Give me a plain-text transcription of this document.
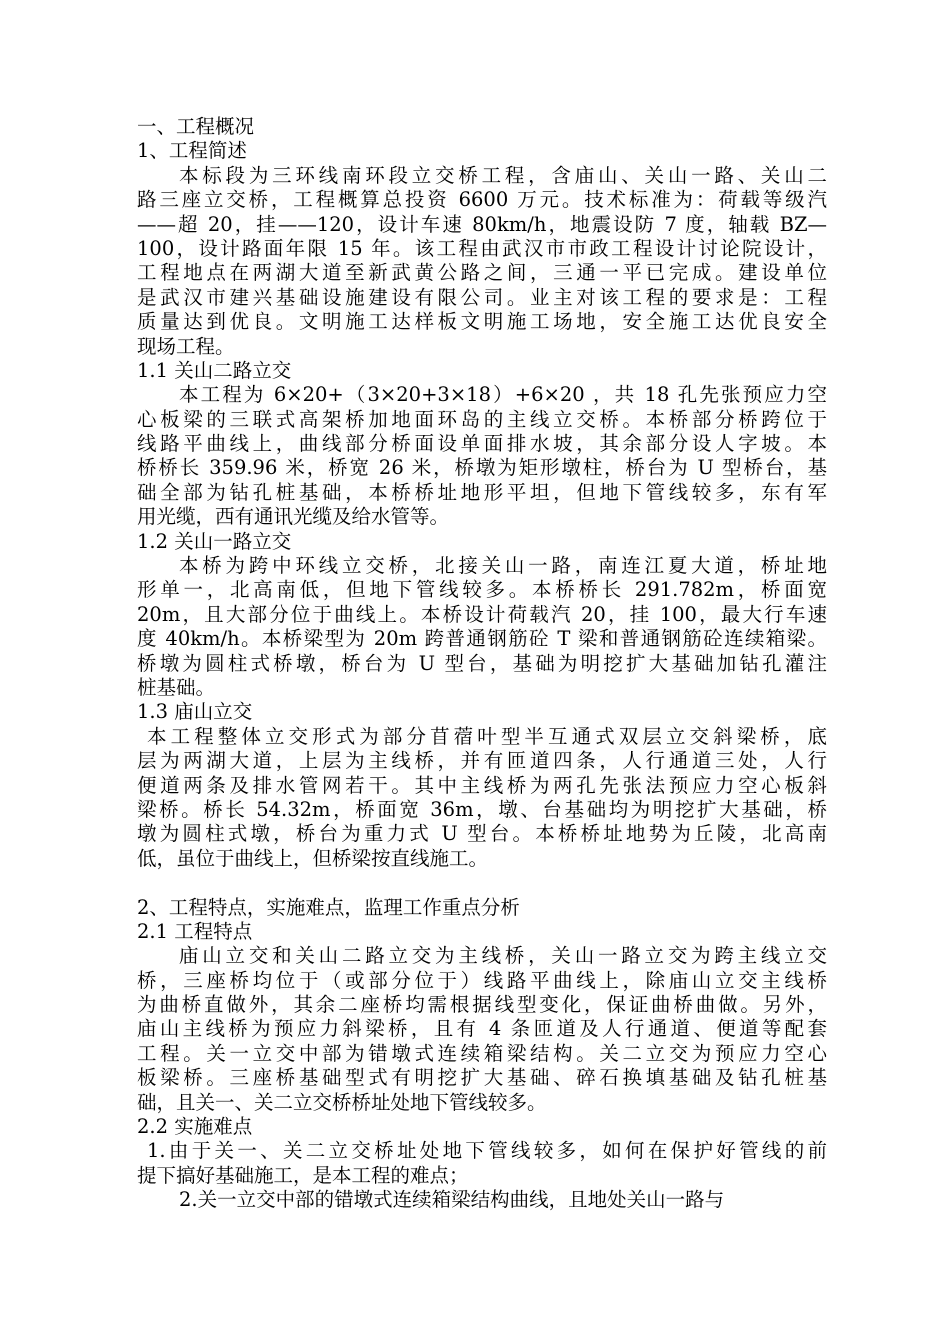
一、工程概况
1、工程简述
本标段为三环线南环段立交桥工程，含庙山、关山一路、关山二
路三座立交桥，工程概算总投资 6600 万元。技术标准为：荷载等级汽
——超 20，挂——120，设计车速 80km/h，地震设防 7 度，轴载 BZ—
100，设计路面年限 15 年。该工程由武汉市市政工程设计讨论院设计，
工程地点在两湖大道至新武黄公路之间，三通一平已完成。建设单位
是武汉市建兴基础设施建设有限公司。业主对该工程的要求是：工程
质量达到优良。文明施工达样板文明施工场地，安全施工达优良安全
现场工程。
1.1 关山二路立交
本工程为 6×20+（3×20+3×18）+6×20 ，共 18 孔先张预应力空
心板梁的三联式高架桥加地面环岛的主线立交桥。本桥部分桥跨位于
线路平曲线上，曲线部分桥面设单面排水坡，其余部分设人字坡。本
桥桥长 359.96 米，桥宽 26 米，桥墩为矩形墩柱，桥台为 U 型桥台，基
础全部为钻孔桩基础，本桥桥址地形平坦，但地下管线较多，东有军
用光缆，西有通讯光缆及给水管等。
1.2 关山一路立交
本桥为跨中环线立交桥，北接关山一路，南连江夏大道，桥址地
形单一，北高南低，但地下管线较多。本桥桥长 291.782m，桥面宽
20m，且大部分位于曲线上。本桥设计荷载汽 20，挂 100，最大行车速
度 40km/h。本桥梁型为 20m 跨普通钢筋砼 T 梁和普通钢筋砼连续箱梁。
桥墩为圆柱式桥墩，桥台为 U 型台，基础为明挖扩大基础加钻孔灌注
桩基础。
1.3 庙山立交
本工程整体立交形式为部分苜蓿叶型半互通式双层立交斜梁桥，底
层为两湖大道，上层为主线桥，并有匝道四条，人行通道三处，人行
便道两条及排水管网若干。其中主线桥为两孔先张法预应力空心板斜
梁桥。桥长 54.32m，桥面宽 36m，墩、台基础均为明挖扩大基础，桥
墩为圆柱式墩，桥台为重力式 U 型台。本桥桥址地势为丘陵，北高南
低，虽位于曲线上，但桥梁按直线施工。
2、工程特点，实施难点，监理工作重点分析
2.1 工程特点
庙山立交和关山二路立交为主线桥，关山一路立交为跨主线立交
桥，三座桥均位于（或部分位于）线路平曲线上，除庙山立交主线桥
为曲桥直做外，其余二座桥均需根据线型变化，保证曲桥曲做。另外，
庙山主线桥为预应力斜梁桥，且有 4 条匝道及人行通道、便道等配套
工程。关一立交中部为错墩式连续箱梁结构。关二立交为预应力空心
板梁桥。三座桥基础型式有明挖扩大基础、碎石换填基础及钻孔桩基
础，且关一、关二立交桥桥址处地下管线较多。
2.2 实施难点
1.由于关一、关二立交桥址处地下管线较多，如何在保护好管线的前
提下搞好基础施工，是本工程的难点；
2.关一立交中部的错墩式连续箱梁结构曲线，且地处关山一路与
